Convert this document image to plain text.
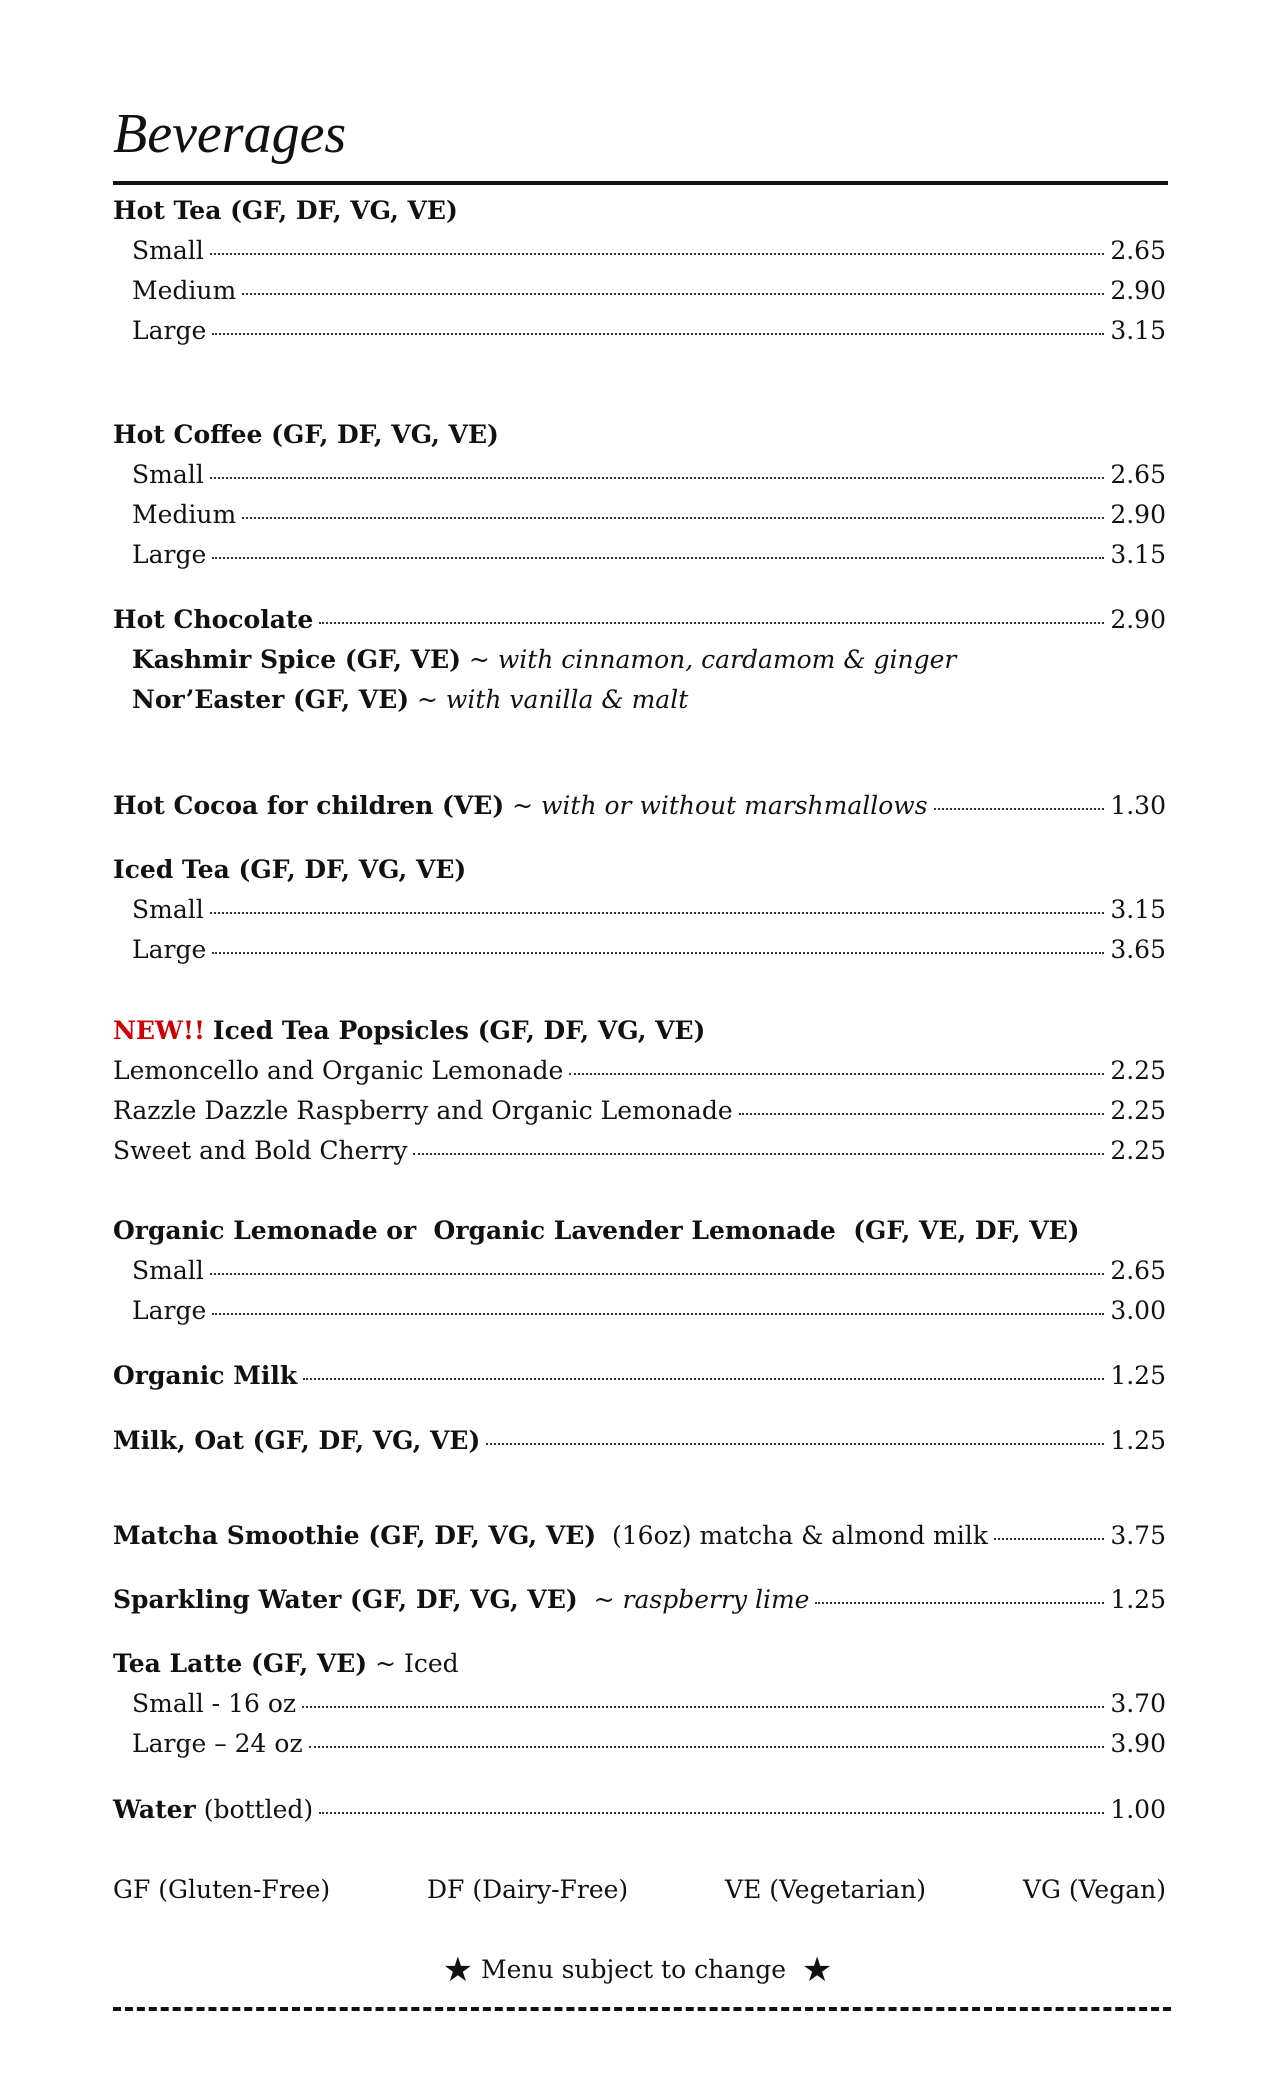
Beverages
Hot Tea (GF, DF, VG, VE)
Small	2.65
Medium	2.90
Large	3.15
Hot Coffee (GF, DF, VG, VE)
Small	2.65
Medium	2.90
Large	3.15
Hot Chocolate	2.90
Kashmir Spice (GF, VE)
~ with cinnamon, cardamom & ginger
Nor’Easter (GF, VE)
~ with vanilla & malt
Hot Cocoa for children (VE) ~ with or without marshmallows	1.30
Iced Tea (GF, DF, VG, VE)
Small	3.15
Large	3.65
NEW!!
Iced Tea Popsicles (GF, DF, VG, VE)
Lemoncello and Organic Lemonade	2.25
Razzle Dazzle Raspberry and Organic Lemonade	2.25
Sweet and Bold Cherry	2.25
Organic Lemonade or  Organic Lavender Lemonade  (GF, VE, DF, VE)
Small	2.65
Large	3.00
Organic Milk	1.25
Milk, Oat (GF, DF, VG, VE)	1.25
Matcha Smoothie (GF, DF, VG, VE) (16oz) matcha & almond milk	3.75
Sparkling Water (GF, DF, VG, VE) ~ raspberry lime	1.25
Tea Latte (GF, VE)
~ Iced
Small - 16 oz	3.70
Large – 24 oz	3.90
Water (bottled)	1.00
GF (Gluten-Free)	DF (Dairy-Free)	VE (Vegetarian)	VG (Vegan)
★ Menu subject to change ★
